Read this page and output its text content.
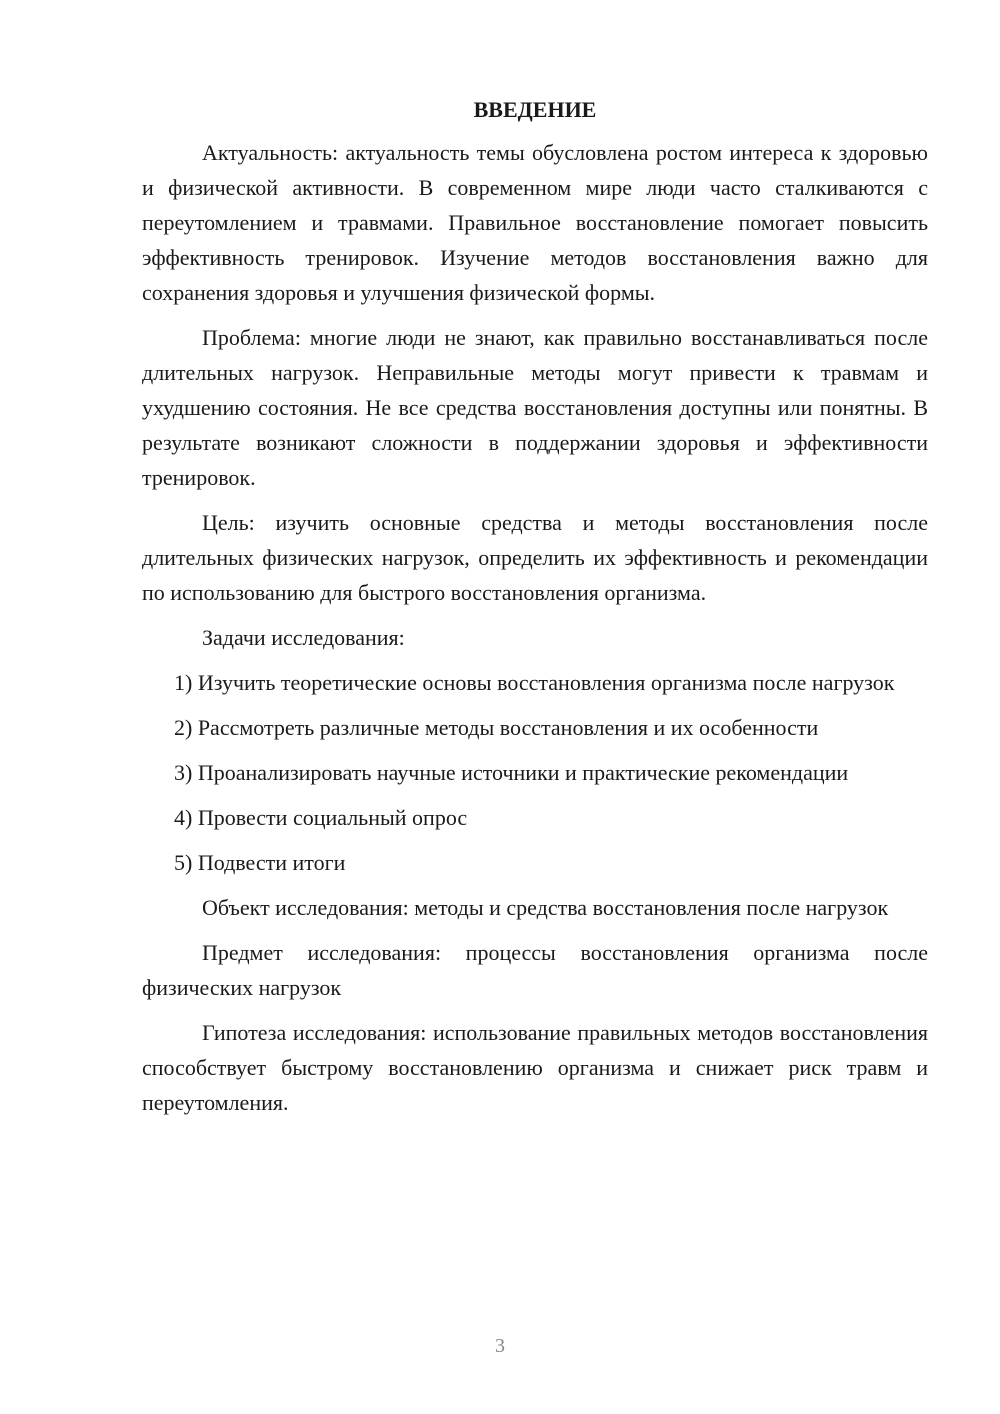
ВВЕДЕНИЕ

Актуальность: актуальность темы обусловлена ростом интереса к здоровью и физической активности. В современном мире люди часто сталкиваются с переутомлением и травмами. Правильное восстановление помогает повысить эффективность тренировок. Изучение методов восстановления важно для сохранения здоровья и улучшения физической формы.

Проблема: многие люди не знают, как правильно восстанавливаться после длительных нагрузок. Неправильные методы могут привести к травмам и ухудшению состояния. Не все средства восстановления доступны или понятны. В результате возникают сложности в поддержании здоровья и эффективности тренировок.

Цель: изучить основные средства и методы восстановления после длительных физических нагрузок, определить их эффективность и рекомендации по использованию для быстрого восстановления организма.

Задачи исследования:

1) Изучить теоретические основы восстановления организма после нагрузок

2) Рассмотреть различные методы восстановления и их особенности

3) Проанализировать научные источники и практические рекомендации

4) Провести социальный опрос

5) Подвести итоги

Объект исследования: методы и средства восстановления после нагрузок

Предмет исследования: процессы восстановления организма после физических нагрузок

Гипотеза исследования: использование правильных методов восстановления способствует быстрому восстановлению организма и снижает риск травм и переутомления.

3
